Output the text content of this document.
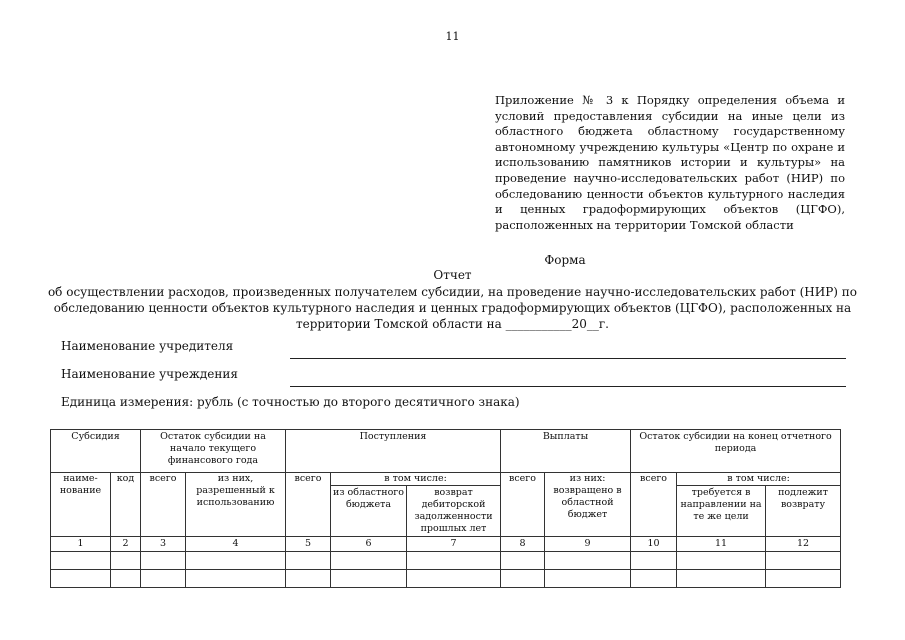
11
Приложение № 3 к Порядку определения объема и
условий предоставления субсидии на иные цели из
областного бюджета областному государственному
автономному учреждению культуры «Центр по охране и
использованию памятников истории и культуры» на
проведение научно-исследовательских работ (НИР) по
обследованию ценности объектов культурного наследия
и ценных градоформирующих объектов (ЦГФО),
расположенных на территории Томской области
Форма
Отчет
об осуществлении расходов, произведенных получателем субсидии, на проведение научно-исследовательских работ (НИР) по
обследованию ценности объектов культурного наследия и ценных градоформирующих объектов (ЦГФО), расположенных на
территории Томской области на ___________20__г.
Наименование учредителя
Наименование учреждения
Единица измерения: рубль (с точностью до второго десятичного знака)
Субсидия		Остаток субсидии на начало текущего финансового года		Поступления			Выплаты		Остаток субсидии на конец отчетного периода		
наиме-нование	код	всего	из них, разрешенный к использованию	всего	в том числе:		всего	из них: возвращено в областной бюджет	всего	в том числе:	
					из областного бюджета	возврат дебиторской задолженности прошлых лет				требуется в направлении на те же цели	подлежит возврату
1	2	3	4	5	6	7	8	9	10	11	12
